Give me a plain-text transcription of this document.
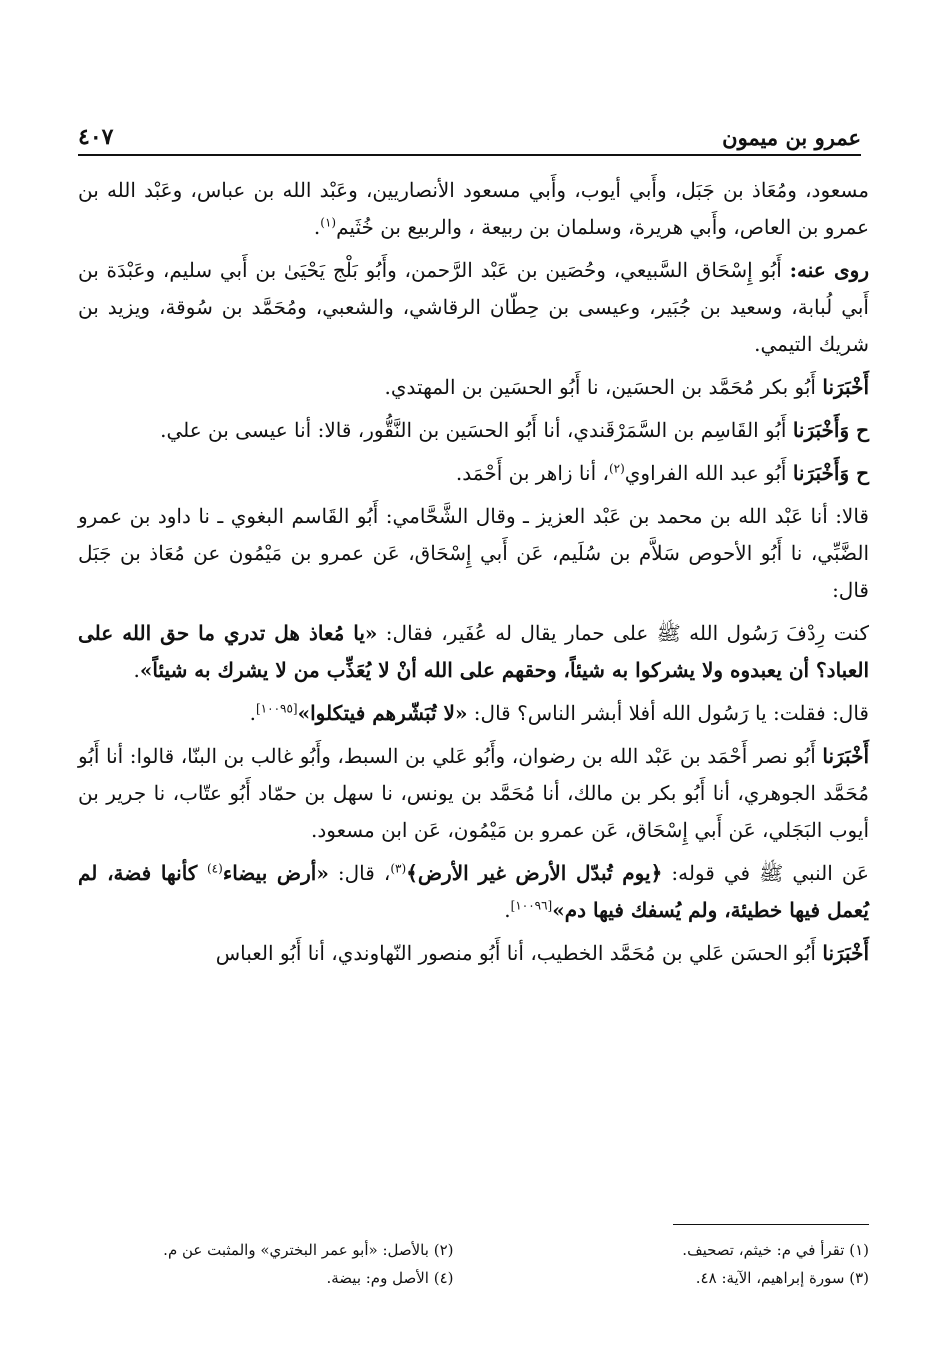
عمرو بن ميمون
٤٠٧

مسعود، ومُعَاذ بن جَبَل، وأَبي أيوب، وأَبي مسعود الأنصاريين، وعَبْد الله بن عباس، وعَبْد الله بن عمرو بن العاص، وأَبي هريرة، وسلمان بن ربيعة ، والربيع بن خُثَيم$^{(١)}$.

روى عنه: أَبُو إِسْحَاق السَّبيعي، وحُصَين بن عَبْد الرَّحمن، وأَبُو بَلْج يَحْيَىٰ بن أَبي سليم، وعَبْدَة بن أَبي لُبابة، وسعيد بن جُبَير، وعيسى بن حِطّان الرقاشي، والشعبي، ومُحَمَّد بن سُوقة، ويزيد بن شريك التيمي.

أَخْبَرَنا أَبُو بكر مُحَمَّد بن الحسَين، نا أَبُو الحسَين بن المهتدي.

ح وَأَخْبَرَنا أَبُو القَاسِم بن السَّمَرْقَندي، أنا أَبُو الحسَين بن النَّقُّور، قالا: أنا عيسى بن علي.

ح وَأَخْبَرَنا أَبُو عبد الله الفراوي$^{(٢)}$، أنا زاهر بن أَحْمَد.

قالا: أنا عَبْد الله بن محمد بن عَبْد العزيز ـ وقال الشَّحَّامي: أَبُو القَاسم البغوي ـ نا داود بن عمرو الضَّبِّي، نا أَبُو الأحوص سَلاَّم بن سُلَيم، عَن أَبي إِسْحَاق، عَن عمرو بن مَيْمُون عن مُعَاذ بن جَبَل قال:

كنت رِدْفَ رَسُول الله ﷺ على حمار يقال له عُفَير، فقال: «يا مُعاذ هل تدري ما حق الله على العباد؟ أن يعبدوه ولا يشركوا به شيئاً، وحقهم على الله أنْ لا يُعَذِّب من لا يشرك به شيئاً».

قال: فقلت: يا رَسُول الله أفلا أبشر الناس؟ قال: «لا تُبَشّرهم فيتكلوا»[١٠٠٩٥].

أَخْبَرَنا أَبُو نصر أَحْمَد بن عَبْد الله بن رضوان، وأَبُو عَلي بن السبط، وأَبُو غالب بن البنّا، قالوا: أنا أَبُو مُحَمَّد الجوهري، أنا أَبُو بكر بن مالك، أنا مُحَمَّد بن يونس، نا سهل بن حمّاد أَبُو عتّاب، نا جرير بن أيوب البَجَلي، عَن أَبي إِسْحَاق، عَن عمرو بن مَيْمُون، عَن ابن مسعود.

عَن النبي ﷺ في قوله: ﴿يوم تُبدّل الأرض غير الأرض﴾$^{(٣)}$، قال: «أرض بيضاء$^{(٤)}$ كأنها فضة، لم يُعمل فيها خطيئة، ولم يُسفك فيها دم»[١٠٠٩٦].

أَخْبَرَنا أَبُو الحسَن عَلي بن مُحَمَّد الخطيب، أنا أَبُو منصور النّهاوندي، أنا أَبُو العباس

(١) تقرأ في م: خيثم، تصحيف.
(٢) بالأصل: «أبو عمر البختري» والمثبت عن م.
(٣) سورة إبراهيم، الآية: ٤٨.
(٤) الأصل وم: بيضة.
